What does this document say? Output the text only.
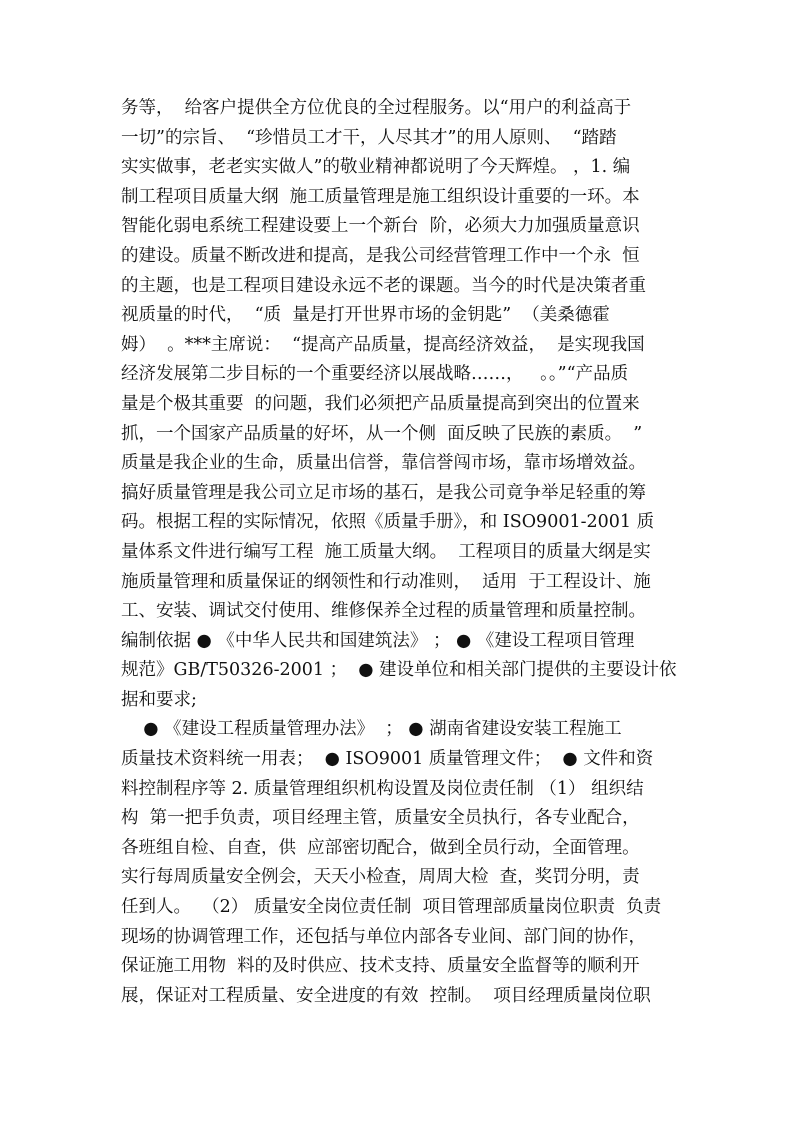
务等，  给客户提供全方位优良的全过程服务。以“用户的利益高于
一切”的宗旨、  “珍惜员工才干，人尽其才”的用人原则、  “踏踏
实实做事，老老实实做人”的敬业精神都说明了今天辉煌。 ，1. 编
制工程项目质量大纲  施工质量管理是施工组织设计重要的一环。本
智能化弱电系统工程建设要上一个新台  阶，必须大力加强质量意识
的建设。质量不断改进和提高，是我公司经营管理工作中一个永  恒
的主题，也是工程项目建设永远不老的课题。当今的时代是决策者重
视质量的时代，  “质  量是打开世界市场的金钥匙”  （美桑德霍
姆）  。***主席说：  “提高产品质量，提高经济效益，  是实现我国
经济发展第二步目标的一个重要经济以展战略……，   。。”“产品质
量是个极其重要  的问题，我们必须把产品质量提高到突出的位置来
抓，一个国家产品质量的好坏，从一个侧  面反映了民族的素质。  ”
质量是我企业的生命，质量出信誉，靠信誉闯市场，靠市场增效益。
搞好质量管理是我公司立足市场的基石，是我公司竟争举足轻重的筹
码。根据工程的实际情况，依照《质量手册》，和 ISO9001-2001 质
量体系文件进行编写工程  施工质量大纲。  工程项目的质量大纲是实
施质量管理和质量保证的纲领性和行动准则，  适用  于工程设计、施
工、安装、调试交付使用、维修保养全过程的质量管理和质量控制。
编制依据 ● 《中华人民共和国建筑法》 ； ● 《建设工程项目管理
规范》GB/T50326-2001 ；  ● 建设单位和相关部门提供的主要设计依
据和要求;
● 《建设工程质量管理办法》  ； ● 湖南省建设安装工程施工
质量技术资料统一用表；  ● ISO9001 质量管理文件；  ● 文件和资
料控制程序等 2. 质量管理组织机构设置及岗位责任制 （1） 组织结
构  第一把手负责，项目经理主管，质量安全员执行，各专业配合，
各班组自检、自查，供  应部密切配合，做到全员行动，全面管理。
实行每周质量安全例会，天天小检查，周周大检  查，奖罚分明，责
任到人。  （2） 质量安全岗位责任制  项目管理部质量岗位职责  负责
现场的协调管理工作，还包括与单位内部各专业间、部门间的协作，
保证施工用物  料的及时供应、技术支持、质量安全监督等的顺利开
展，保证对工程质量、安全进度的有效  控制。  项目经理质量岗位职
